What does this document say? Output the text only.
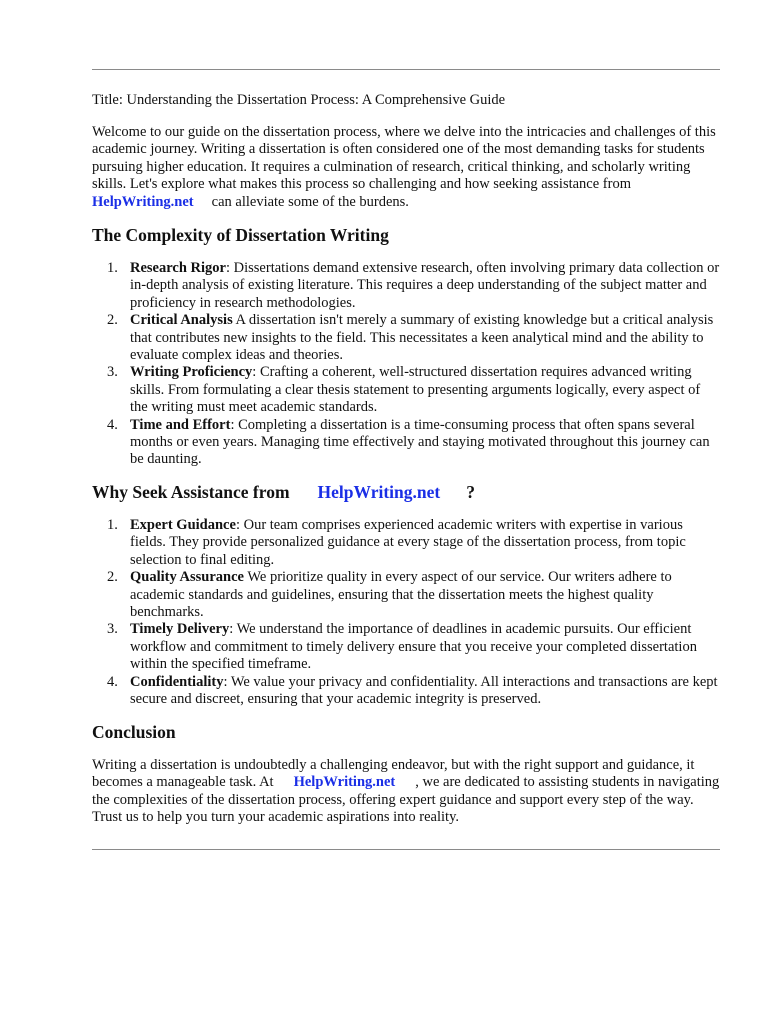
Title: Understanding the Dissertation Process: A Comprehensive Guide
Welcome to our guide on the dissertation process, where we delve into the intricacies and challenges of this academic journey. Writing a dissertation is often considered one of the most demanding tasks for students pursuing higher education. It requires a culmination of research, critical thinking, and scholarly writing skills. Let's explore what makes this process so challenging and how seeking assistance fromHelpWriting.net can alleviate some of the burdens.
The Complexity of Dissertation Writing
1. Research Rigor: Dissertations demand extensive research, often involving primary data collection or in-depth analysis of existing literature. This requires a deep understanding of the subject matter and proficiency in research methodologies.
2. Critical Analysis A dissertation isn't merely a summary of existing knowledge but a critical analysis that contributes new insights to the field. This necessitates a keen analytical mind and the ability to evaluate complex ideas and theories.
3. Writing Proficiency: Crafting a coherent, well-structured dissertation requires advanced writing skills. From formulating a clear thesis statement to presenting arguments logically, every aspect of the writing must meet academic standards.
4. Time and Effort: Completing a dissertation is a time-consuming process that often spans several months or even years. Managing time effectively and staying motivated throughout this journey can be daunting.
Why Seek Assistance from HelpWriting.net ?
1. Expert Guidance: Our team comprises experienced academic writers with expertise in various fields. They provide personalized guidance at every stage of the dissertation process, from topic selection to final editing.
2. Quality Assurance We prioritize quality in every aspect of our service. Our writers adhere to academic standards and guidelines, ensuring that the dissertation meets the highest quality benchmarks.
3. Timely Delivery: We understand the importance of deadlines in academic pursuits. Our efficient workflow and commitment to timely delivery ensure that you receive your completed dissertation within the specified timeframe.
4. Confidentiality: We value your privacy and confidentiality. All interactions and transactions are kept secure and discreet, ensuring that your academic integrity is preserved.
Conclusion
Writing a dissertation is undoubtedly a challenging endeavor, but with the right support and guidance, it becomes a manageable task. At HelpWriting.net , we are dedicated to assisting students in navigating the complexities of the dissertation process, offering expert guidance and support every step of the way. Trust us to help you turn your academic aspirations into reality.
